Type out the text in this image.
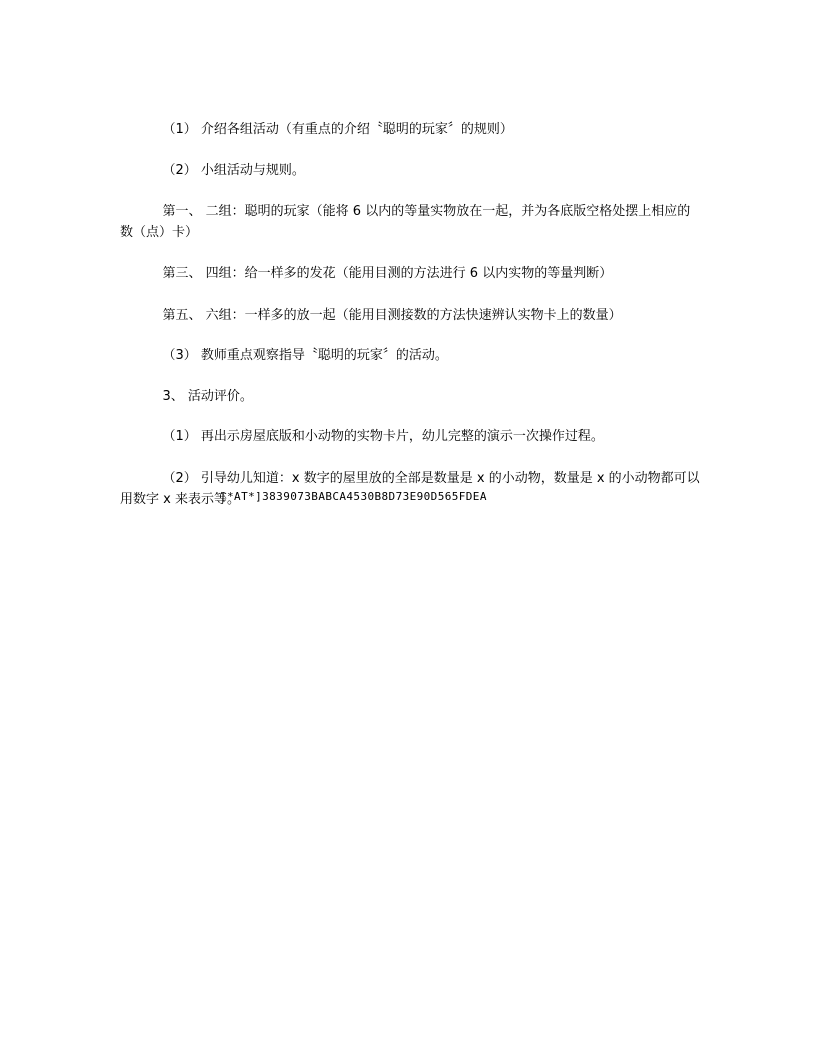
（1） 介绍各组活动（有重点的介绍〝聪明的玩家〞的规则）

（2） 小组活动与规则。

第一、 二组：聪明的玩家（能将 6 以内的等量实物放在一起，并为各底版空格处摆上相应的数（点）卡）

第三、 四组：给一样多的发花（能用目测的方法进行 6 以内实物的等量判断）

第五、 六组：一样多的放一起（能用目测接数的方法快速辨认实物卡上的数量）

（3） 教师重点观察指导〝聪明的玩家〞的活动。

3、 活动评价。

（1） 再出示房屋底版和小动物的实物卡片，幼儿完整的演示一次操作过程。

（2） 引导幼儿知道：x 数字的屋里放的全部是数量是 x 的小动物，数量是 x 的小动物都可以用数字 x 来表示等。

[*AT*]3839073BABCA4530B8D73E90D565FDEA
